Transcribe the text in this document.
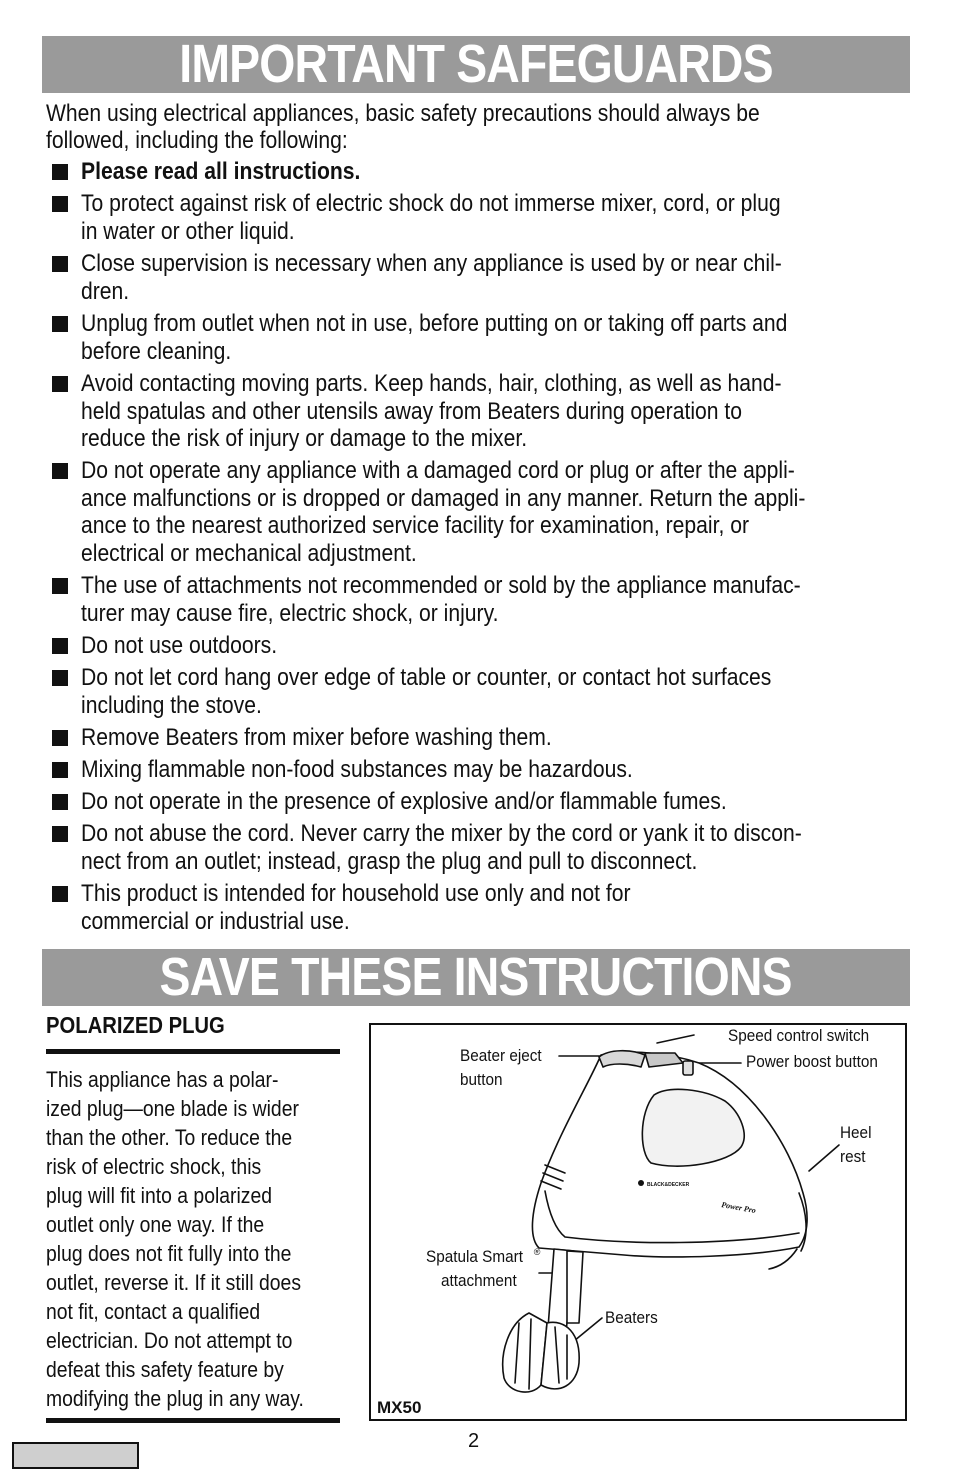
IMPORTANT SAFEGUARDS
When using electrical appliances, basic safety precautions should always be
followed, including the following:
Please read all instructions.
To protect against risk of electric shock do not immerse mixer, cord, or plug
in water or other liquid.
Close supervision is necessary when any appliance is used by or near chil-
dren.
Unplug from outlet when not in use, before putting on or taking off parts and
before cleaning.
Avoid contacting moving parts. Keep hands, hair, clothing, as well as hand-
held spatulas and other utensils away from Beaters during operation to
reduce the risk of injury or damage to the mixer.
Do not operate any appliance with a damaged cord or plug or after the appli-
ance malfunctions or is dropped or damaged in any manner. Return the appli-
ance to the nearest authorized service facility for examination, repair, or
electrical or mechanical adjustment.
The use of attachments not recommended or sold by the appliance manufac-
turer may cause fire, electric shock, or injury.
Do not use outdoors.
Do not let cord hang over edge of table or counter, or contact hot surfaces
including the stove.
Remove Beaters from mixer before washing them.
Mixing flammable non-food substances may be hazardous.
Do not operate in the presence of explosive and/or flammable fumes.
Do not abuse the cord. Never carry the mixer by the cord or yank it to discon-
nect from an outlet; instead, grasp the plug and pull to disconnect.
This product is intended for household use only and not for
commercial or industrial use.
SAVE THESE INSTRUCTIONS
POLARIZED PLUG
This appliance has a polar-
ized plug—one blade is wider
than the other. To reduce the
risk of electric shock, this
plug will fit into a polarized
outlet only one way. If the
plug does not fit fully into the
outlet, reverse it. If it still does
not fit, contact a qualified
electrician. Do not attempt to
defeat this safety feature by
modifying the plug in any way.
BLACK&DECKER
Power Pro
Speed control switch
Power boost button
Beater eject
button
Heel
rest
Spatula Smart ®
attachment
Beaters
MX50
2
